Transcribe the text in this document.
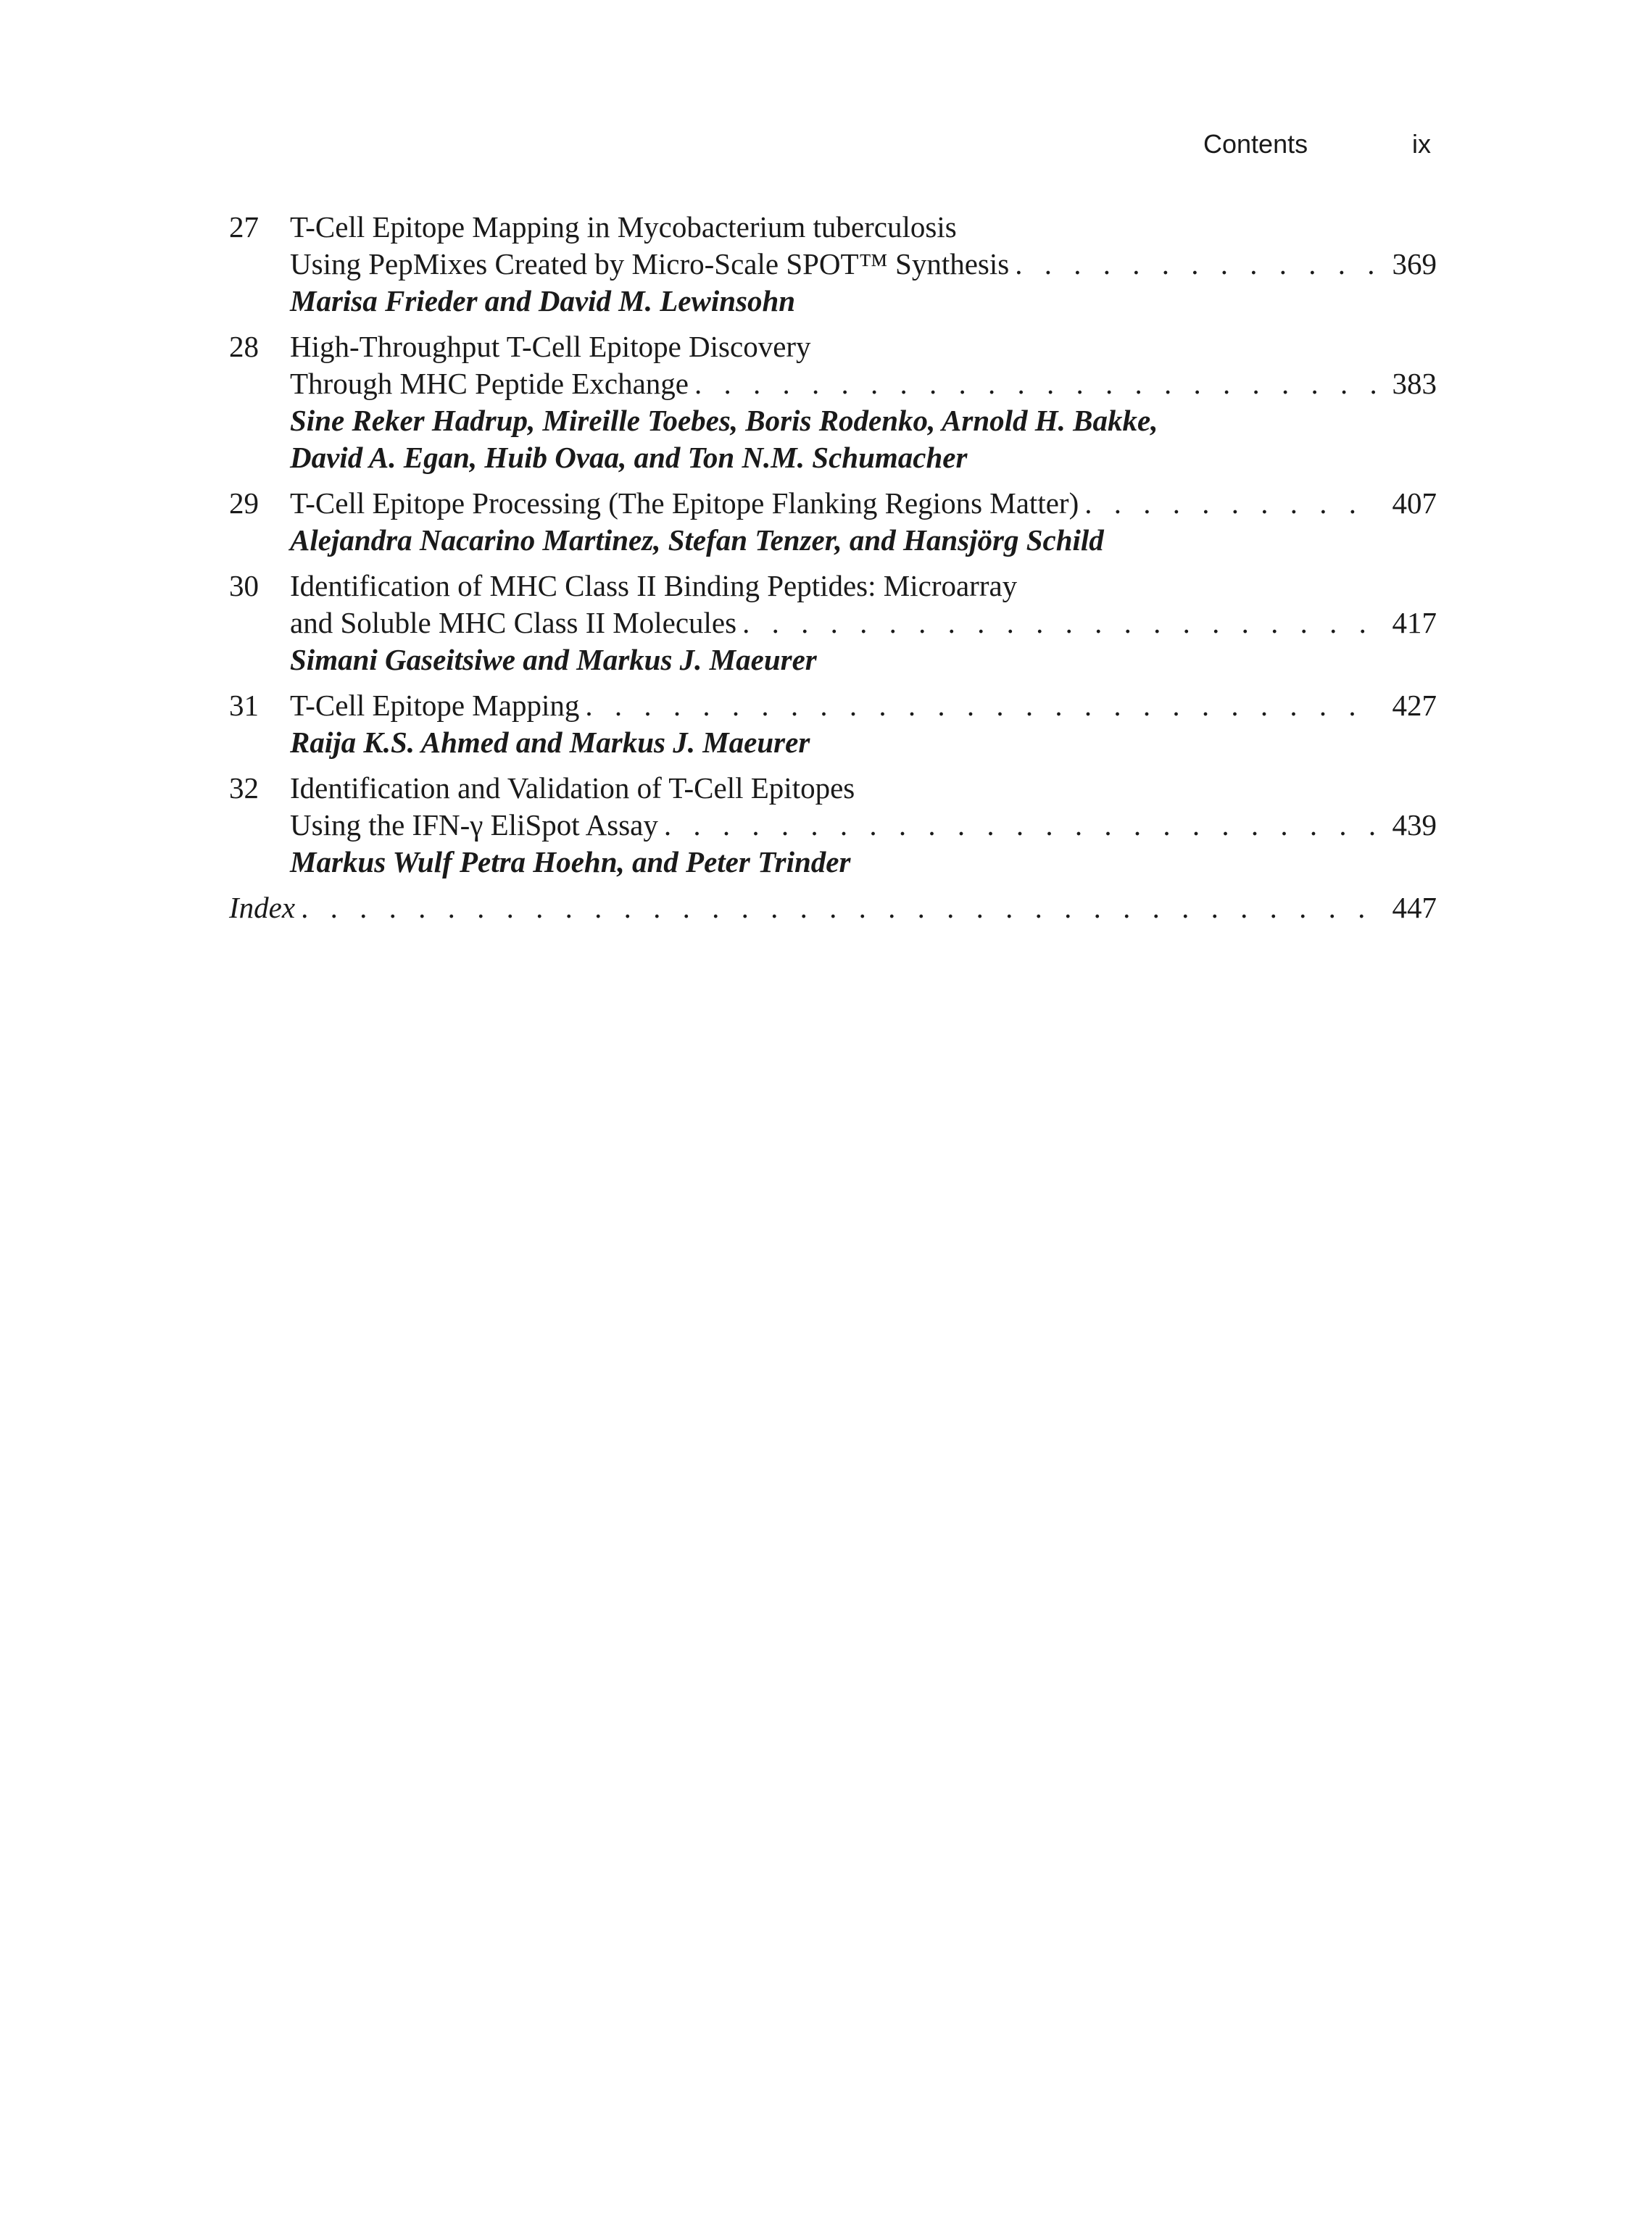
Contents	ix
27 T-Cell Epitope Mapping in Mycobacterium tuberculosis
Using PepMixes Created by Micro-Scale SPOT™ Synthesis . . .	369
Marisa Frieder and David M. Lewinsohn
28 High-Throughput T-Cell Epitope Discovery
Through MHC Peptide Exchange . . .	383
Sine Reker Hadrup, Mireille Toebes, Boris Rodenko, Arnold H. Bakke,
David A. Egan, Huib Ovaa, and Ton N.M. Schumacher
29 T-Cell Epitope Processing (The Epitope Flanking Regions Matter) . . .	407
Alejandra Nacarino Martinez, Stefan Tenzer, and Hansjörg Schild
30 Identification of MHC Class II Binding Peptides: Microarray
and Soluble MHC Class II Molecules . . .	417
Simani Gaseitsiwe and Markus J. Maeurer
31 T-Cell Epitope Mapping . . .	427
Raija K.S. Ahmed and Markus J. Maeurer
32 Identification and Validation of T-Cell Epitopes
Using the IFN-γ EliSpot Assay . . .	439
Markus Wulf Petra Hoehn, and Peter Trinder
Index . . .	447
